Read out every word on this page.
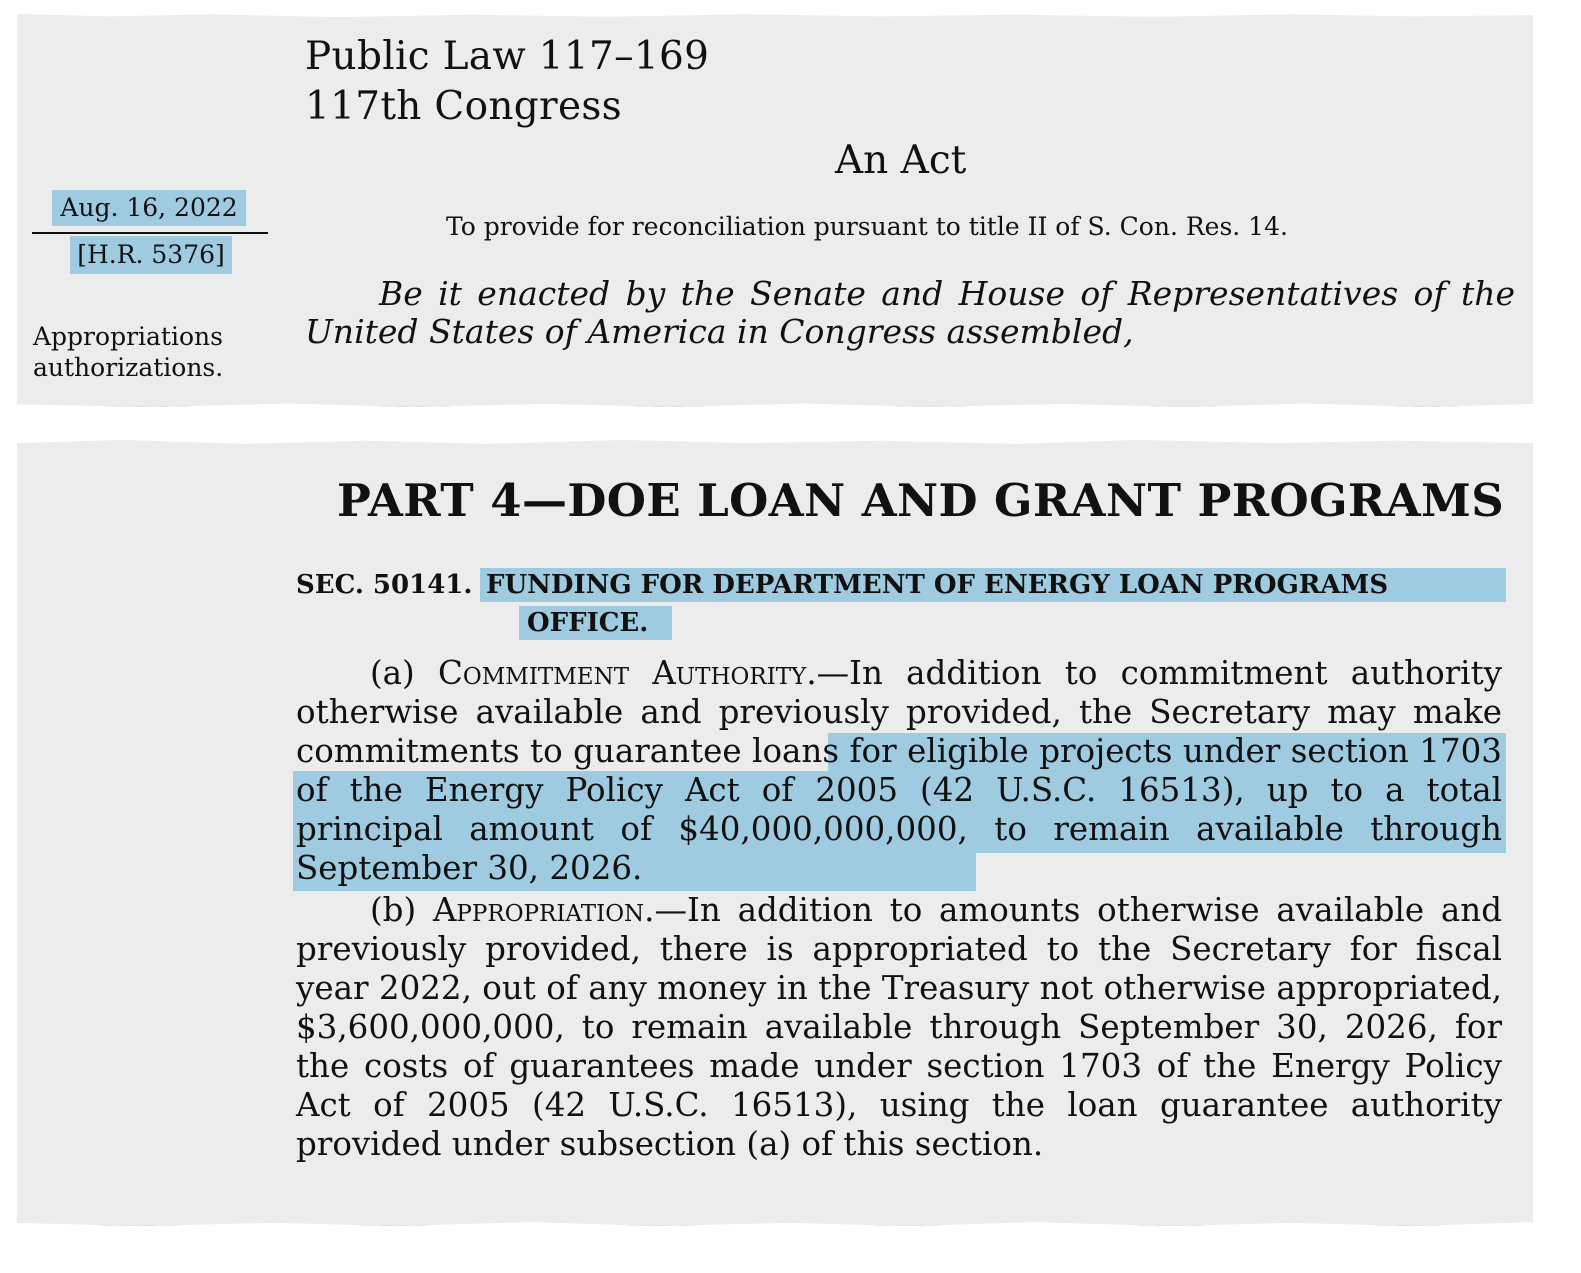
Public Law 117–169
117th Congress
An Act
To provide for reconciliation pursuant to title II of S. Con. Res. 14.
Aug. 16, 2022
[H.R. 5376]
Appropriations authorizations.
Be it enacted by the Senate and House of Representatives of the United States of America in Congress assembled,
PART 4—DOE LOAN AND GRANT PROGRAMS
SEC. 50141. FUNDING FOR DEPARTMENT OF ENERGY LOAN PROGRAMS
OFFICE.
(a) Commitment Authority.—In addition to commitment authority otherwise available and previously provided, the Secretary may make commitments to guarantee loans for eligible projects under section 1703 of the Energy Policy Act of 2005 (42 U.S.C. 16513), up to a total principal amount of $40,000,000,000, to remain available through September 30, 2026.
(b) Appropriation.—In addition to amounts otherwise available and previously provided, there is appropriated to the Secretary for fiscal year 2022, out of any money in the Treasury not otherwise appropriated, $3,600,000,000, to remain available through September 30, 2026, for the costs of guarantees made under section 1703 of the Energy Policy Act of 2005 (42 U.S.C. 16513), using the loan guarantee authority provided under subsection (a) of this section.
